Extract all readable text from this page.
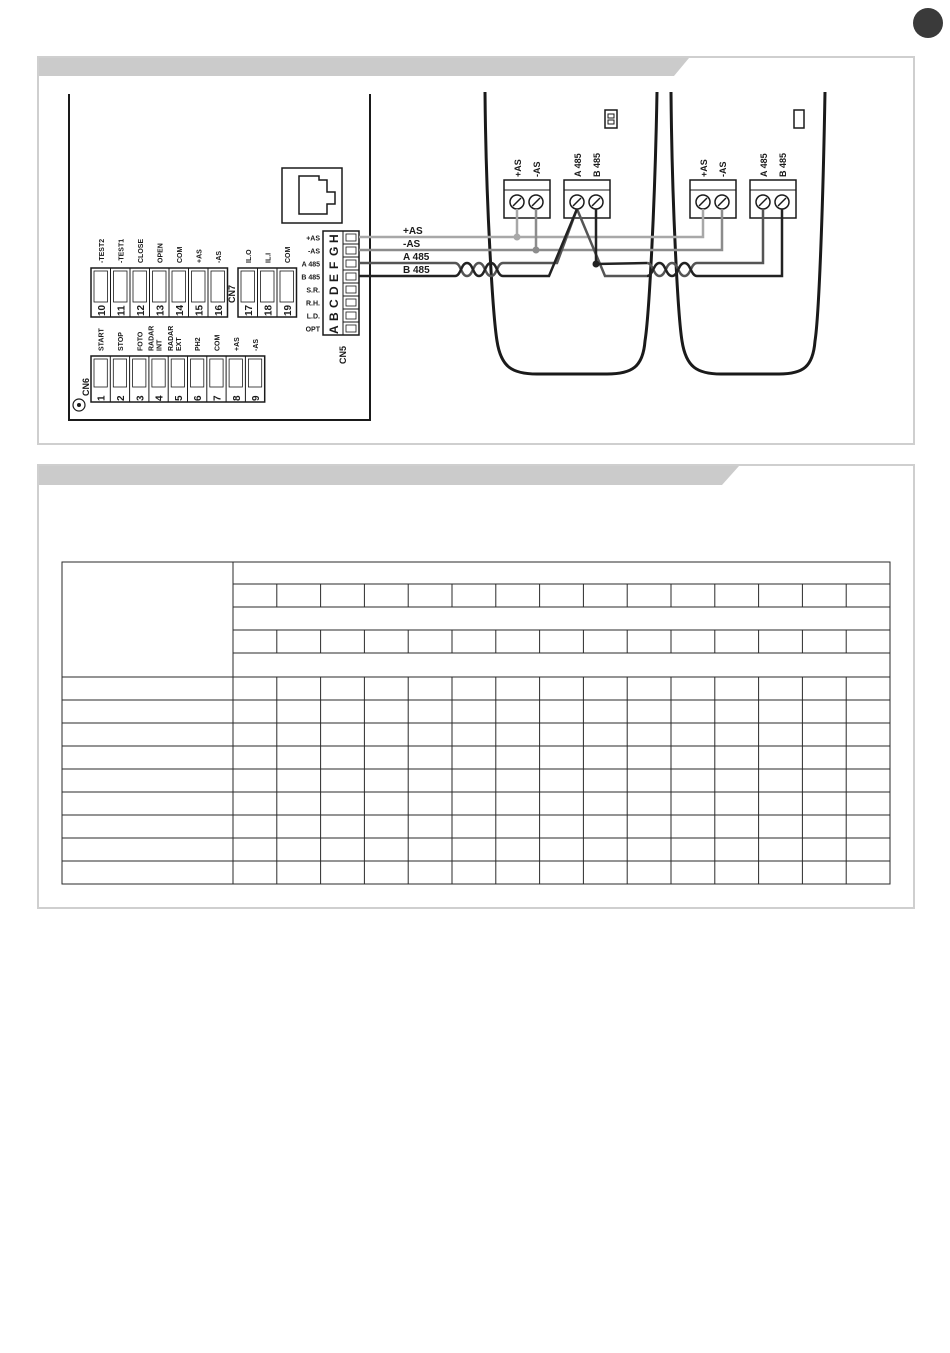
10
-TEST2
11
-TEST1
12
CLOSE
13
OPEN
14
COM
15
+AS
16
-AS
17
IL.O
18
IL.I
19
COM
1
START
2
STOP
3
FOTO
4
RADAR INT
5
RADAR EXT
6
PH2
7
COM
8
+AS
9
-AS
H
+AS
G
-AS
F
A 485
E
B 485
D
S.R.
C
R.H.
B
L.D.
A
OPT
CN6
CN7
CN5
+AS -AS	A 485 B 485	+AS -AS	A 485 B 485
+AS
-AS
A 485
B 485
